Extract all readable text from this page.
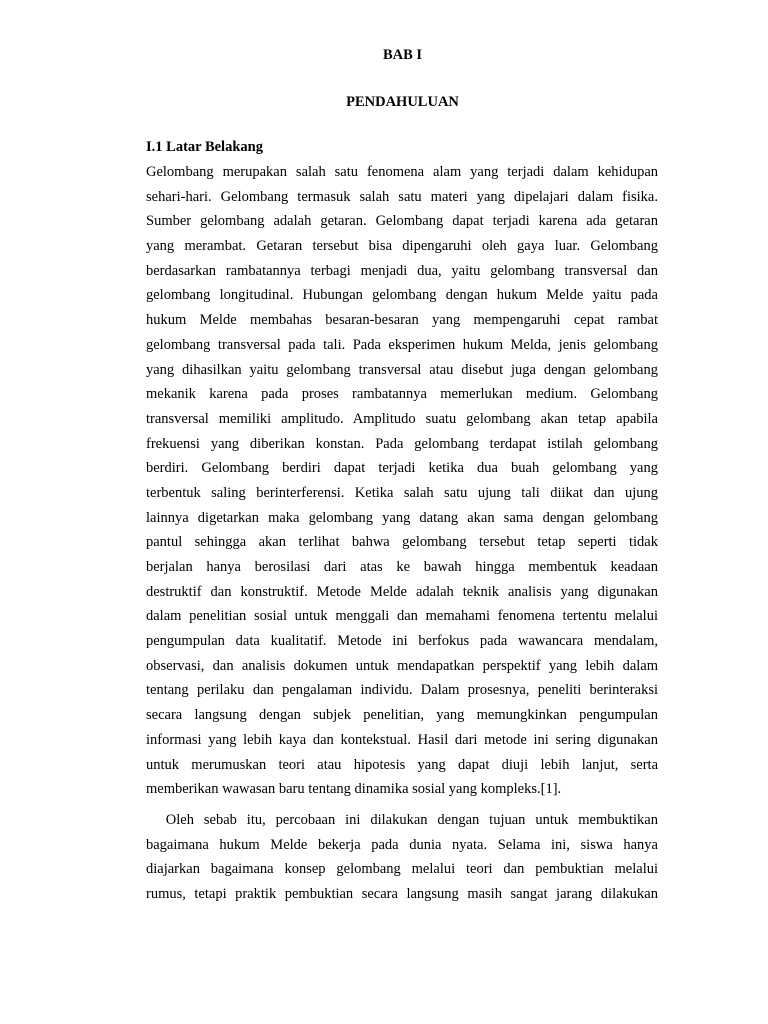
BAB I
PENDAHULUAN
I.1 Latar Belakang
Gelombang merupakan salah satu fenomena alam yang terjadi dalam kehidupan
sehari-hari. Gelombang termasuk salah satu materi yang dipelajari dalam fisika.
Sumber gelombang adalah getaran. Gelombang dapat terjadi karena ada getaran
yang merambat. Getaran tersebut bisa dipengaruhi oleh gaya luar. Gelombang
berdasarkan rambatannya terbagi menjadi dua, yaitu gelombang transversal dan
gelombang longitudinal. Hubungan gelombang dengan hukum Melde yaitu pada
hukum Melde membahas besaran-besaran yang mempengaruhi cepat rambat
gelombang transversal pada tali. Pada eksperimen hukum Melda, jenis gelombang
yang dihasilkan yaitu gelombang transversal atau disebut juga dengan gelombang
mekanik karena pada proses rambatannya memerlukan medium. Gelombang
transversal memiliki amplitudo. Amplitudo suatu gelombang akan tetap apabila
frekuensi yang diberikan konstan. Pada gelombang terdapat istilah gelombang
berdiri. Gelombang berdiri dapat terjadi ketika dua buah gelombang yang
terbentuk saling berinterferensi. Ketika salah satu ujung tali diikat dan ujung
lainnya digetarkan maka gelombang yang datang akan sama dengan gelombang
pantul sehingga akan terlihat bahwa gelombang tersebut tetap seperti tidak
berjalan hanya berosilasi dari atas ke bawah hingga membentuk keadaan
destruktif dan konstruktif. Metode Melde adalah teknik analisis yang digunakan
dalam penelitian sosial untuk menggali dan memahami fenomena tertentu melalui
pengumpulan data kualitatif. Metode ini berfokus pada wawancara mendalam,
observasi, dan analisis dokumen untuk mendapatkan perspektif yang lebih dalam
tentang perilaku dan pengalaman individu. Dalam prosesnya, peneliti berinteraksi
secara langsung dengan subjek penelitian, yang memungkinkan pengumpulan
informasi yang lebih kaya dan kontekstual. Hasil dari metode ini sering digunakan
untuk merumuskan teori atau hipotesis yang dapat diuji lebih lanjut, serta
memberikan wawasan baru tentang dinamika sosial yang kompleks.[1].
Oleh sebab itu, percobaan ini dilakukan dengan tujuan untuk membuktikan
bagaimana hukum Melde bekerja pada dunia nyata. Selama ini, siswa hanya
diajarkan bagaimana konsep gelombang melalui teori dan pembuktian melalui
rumus, tetapi praktik pembuktian secara langsung masih sangat jarang dilakukan
